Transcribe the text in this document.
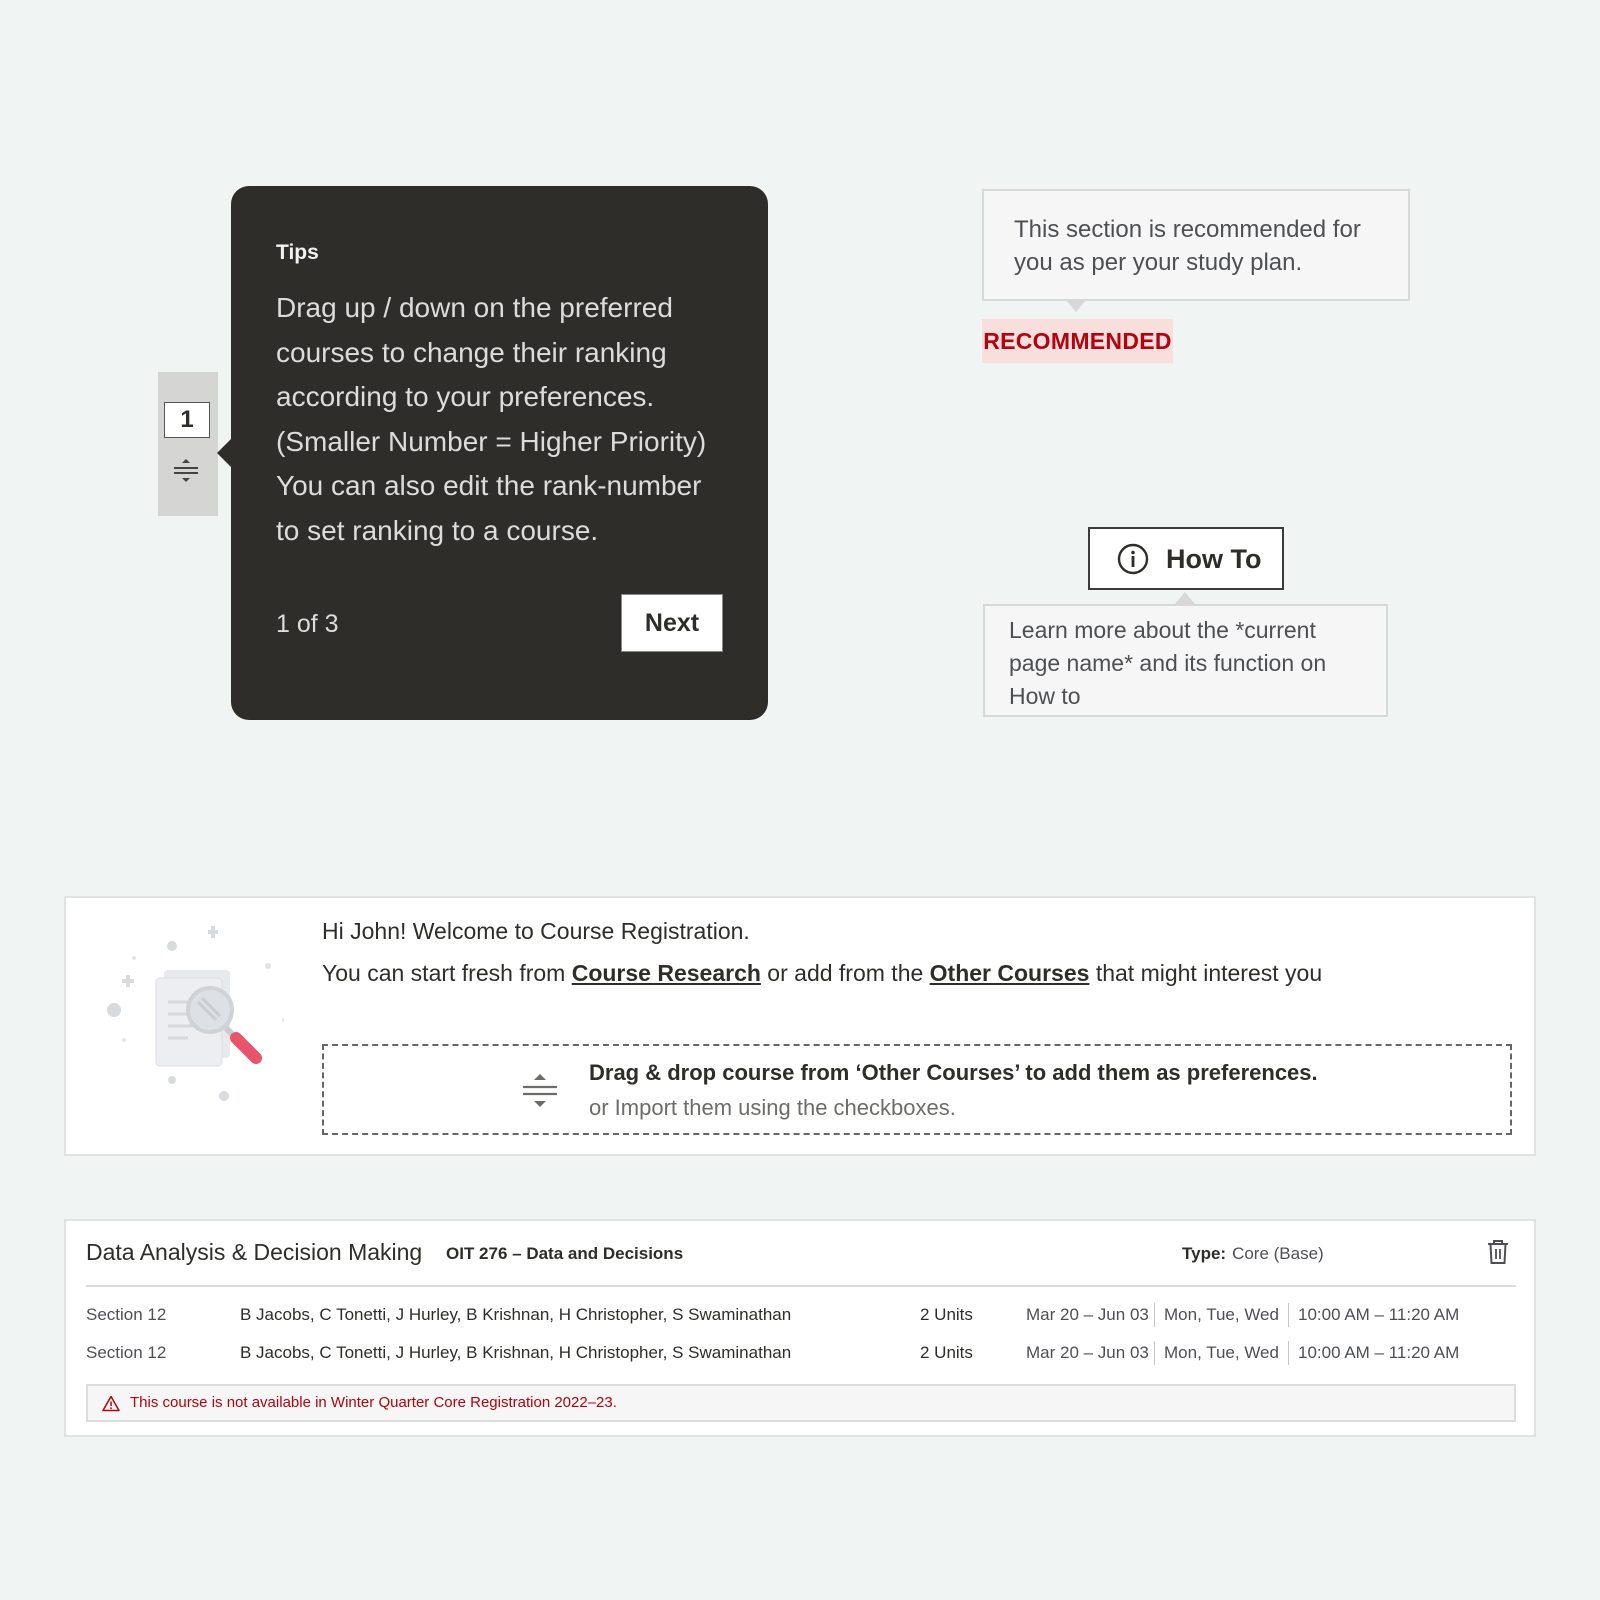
1
Tips
Drag up / down on the preferred
courses to change their ranking
according to your preferences.
(Smaller Number = Higher Priority)
You can also edit the rank-number
to set ranking to a course.
1 of 3	Next
This section is recommended for
you as per your study plan.
RECOMMENDED
How To
Learn more about the *current
page name* and its function on
How to
Hi John! Welcome to Course Registration.
You can start fresh from Course Research or add from the Other Courses that might interest you
Drag & drop course from ‘Other Courses’ to add them as preferences.
or Import them using the checkboxes.
Data Analysis & Decision Making OIT 276 – Data and Decisions	Type: Core (Base)
Section 12	B Jacobs, C Tonetti, J Hurley, B Krishnan, H Christopher, S Swaminathan	2 Units	Mar 20 – Jun 03 Mon, Tue, Wed 10:00 AM – 11:20 AM
Section 12	B Jacobs, C Tonetti, J Hurley, B Krishnan, H Christopher, S Swaminathan	2 Units	Mar 20 – Jun 03 Mon, Tue, Wed 10:00 AM – 11:20 AM
This course is not available in Winter Quarter Core Registration 2022–23.
